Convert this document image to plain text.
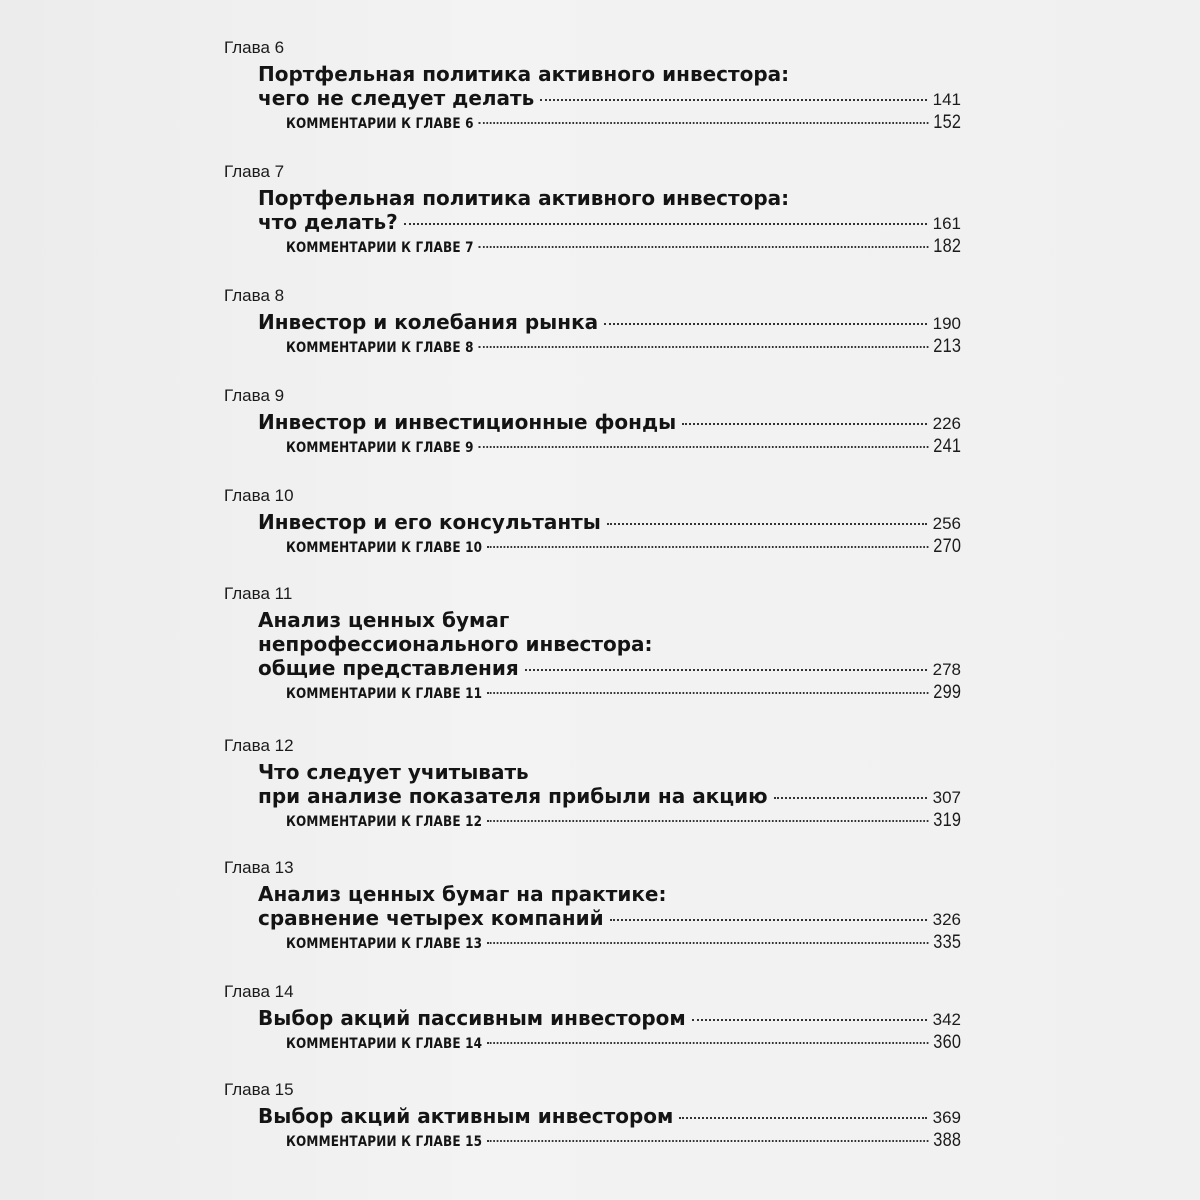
Глава 6
Портфельная политика активного инвестора:
чего не следует делать	141
КОММЕНТАРИИ К ГЛАВЕ 6	152
Глава 7
Портфельная политика активного инвестора:
что делать?	161
КОММЕНТАРИИ К ГЛАВЕ 7	182
Глава 8
Инвестор и колебания рынка	190
КОММЕНТАРИИ К ГЛАВЕ 8	213
Глава 9
Инвестор и инвестиционные фонды	226
КОММЕНТАРИИ К ГЛАВЕ 9	241
Глава 10
Инвестор и его консультанты	256
КОММЕНТАРИИ К ГЛАВЕ 10	270
Глава 11
Анализ ценных бумаг
непрофессионального инвестора:
общие представления	278
КОММЕНТАРИИ К ГЛАВЕ 11	299
Глава 12
Что следует учитывать
при анализе показателя прибыли на акцию	307
КОММЕНТАРИИ К ГЛАВЕ 12	319
Глава 13
Анализ ценных бумаг на практике:
сравнение четырех компаний	326
КОММЕНТАРИИ К ГЛАВЕ 13	335
Глава 14
Выбор акций пассивным инвестором	342
КОММЕНТАРИИ К ГЛАВЕ 14	360
Глава 15
Выбор акций активным инвестором	369
КОММЕНТАРИИ К ГЛАВЕ 15	388
